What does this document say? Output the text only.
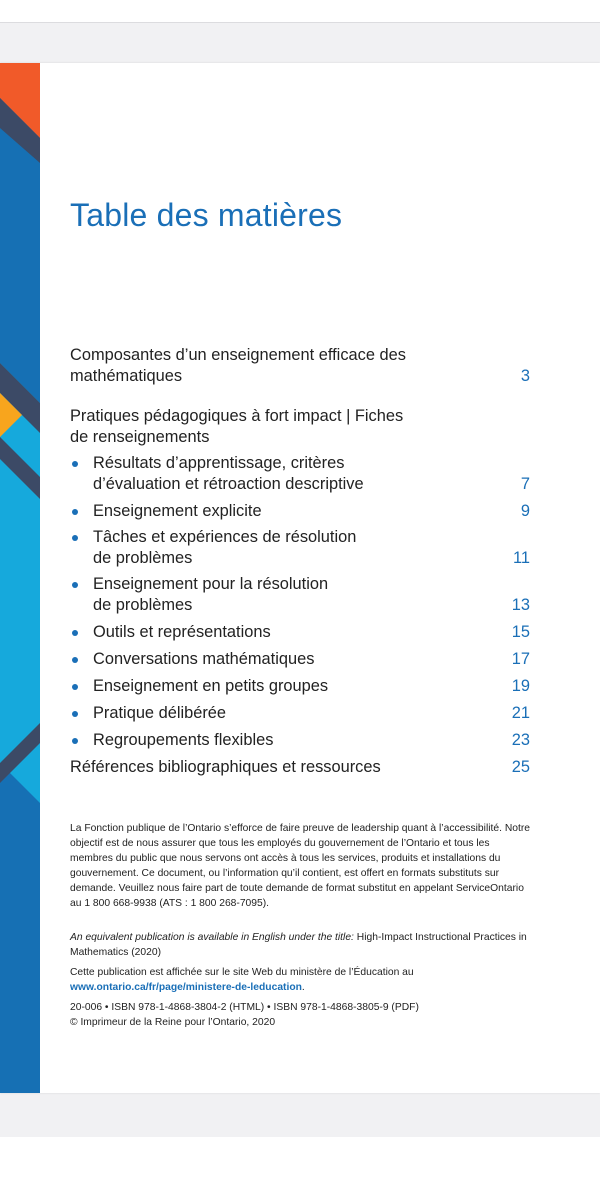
Table des matières
Composantes d’un enseignement efficace des
mathématiques	3
Pratiques pédagogiques à fort impact | Fiches
de renseignements
Résultats d’apprentissage, critères
d’évaluation et rétroaction descriptive	7
Enseignement explicite	9
Tâches et expériences de résolution
de problèmes	11
Enseignement pour la résolution
de problèmes	13
Outils et représentations	15
Conversations mathématiques	17
Enseignement en petits groupes	19
Pratique délibérée	21
Regroupements flexibles	23
Références bibliographiques et ressources	25

La Fonction publique de l’Ontario s’efforce de faire preuve de leadership quant à l’accessibilité. Notre objectif est de nous assurer que tous les employés du gouvernement de l’Ontario et tous les membres du public que nous servons ont accès à tous les services, produits et installations du gouvernement. Ce document, ou l’information qu’il contient, est offert en formats substituts sur demande. Veuillez nous faire part de toute demande de format substitut en appelant ServiceOntario au 1 800 668-9938 (ATS : 1 800 268-7095).

An equivalent publication is available in English under the title: High-Impact Instructional Practices in Mathematics (2020)

Cette publication est affichée sur le site Web du ministère de l’Éducation au www.ontario.ca/fr/page/ministere-de-leducation.

20-006 • ISBN 978-1-4868-3804-2 (HTML) • ISBN 978-1-4868-3805-9 (PDF)

© Imprimeur de la Reine pour l’Ontario, 2020
